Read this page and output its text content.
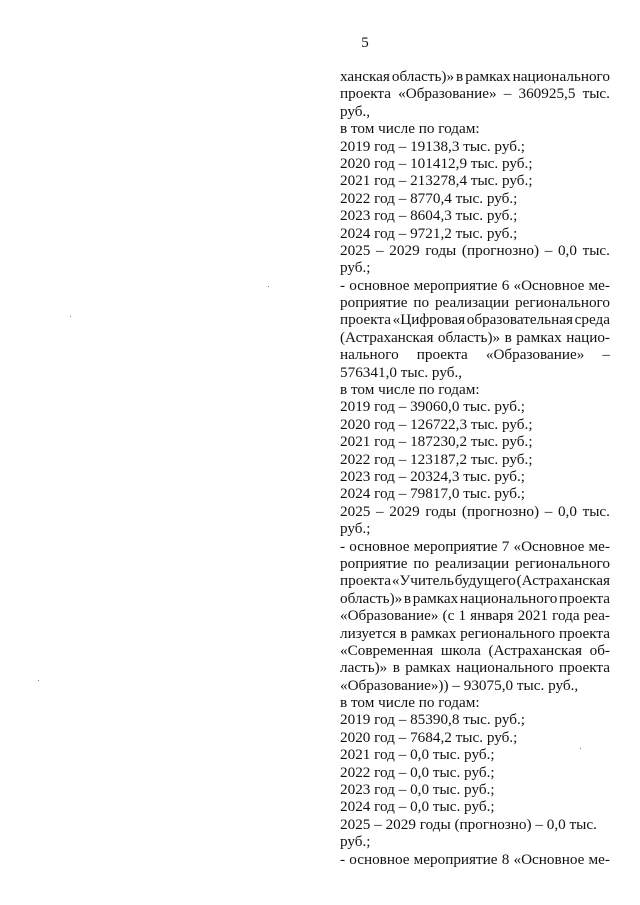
5
ханская область)» в рамках национального
проекта «Образование» – 360925,5 тыс.
руб.,
в том числе по годам:
2019 год – 19138,3 тыс. руб.;
2020 год – 101412,9 тыс. руб.;
2021 год – 213278,4 тыс. руб.;
2022 год – 8770,4 тыс. руб.;
2023 год – 8604,3 тыс. руб.;
2024 год – 9721,2 тыс. руб.;
2025 – 2029 годы (прогнозно) – 0,0 тыс.
руб.;
- основное мероприятие 6 «Основное ме-
роприятие по реализации регионального
проекта «Цифровая образовательная среда
(Астраханская область)» в рамках нацио-
нального проекта «Образование» –
576341,0 тыс. руб.,
в том числе по годам:
2019 год – 39060,0 тыс. руб.;
2020 год – 126722,3 тыс. руб.;
2021 год – 187230,2 тыс. руб.;
2022 год – 123187,2 тыс. руб.;
2023 год – 20324,3 тыс. руб.;
2024 год – 79817,0 тыс. руб.;
2025 – 2029 годы (прогнозно) – 0,0 тыс.
руб.;
- основное мероприятие 7 «Основное ме-
роприятие по реализации регионального
проекта «Учитель будущего (Астраханская
область)» в рамках национального проекта
«Образование» (с 1 января 2021 года реа-
лизуется в рамках регионального проекта
«Современная школа (Астраханская об-
ласть)» в рамках национального проекта
«Образование»)) – 93075,0 тыс. руб.,
в том числе по годам:
2019 год – 85390,8 тыс. руб.;
2020 год – 7684,2 тыс. руб.;
2021 год – 0,0 тыс. руб.;
2022 год – 0,0 тыс. руб.;
2023 год – 0,0 тыс. руб.;
2024 год – 0,0 тыс. руб.;
2025 – 2029 годы (прогнозно) – 0,0 тыс.
руб.;
- основное мероприятие 8 «Основное ме-
